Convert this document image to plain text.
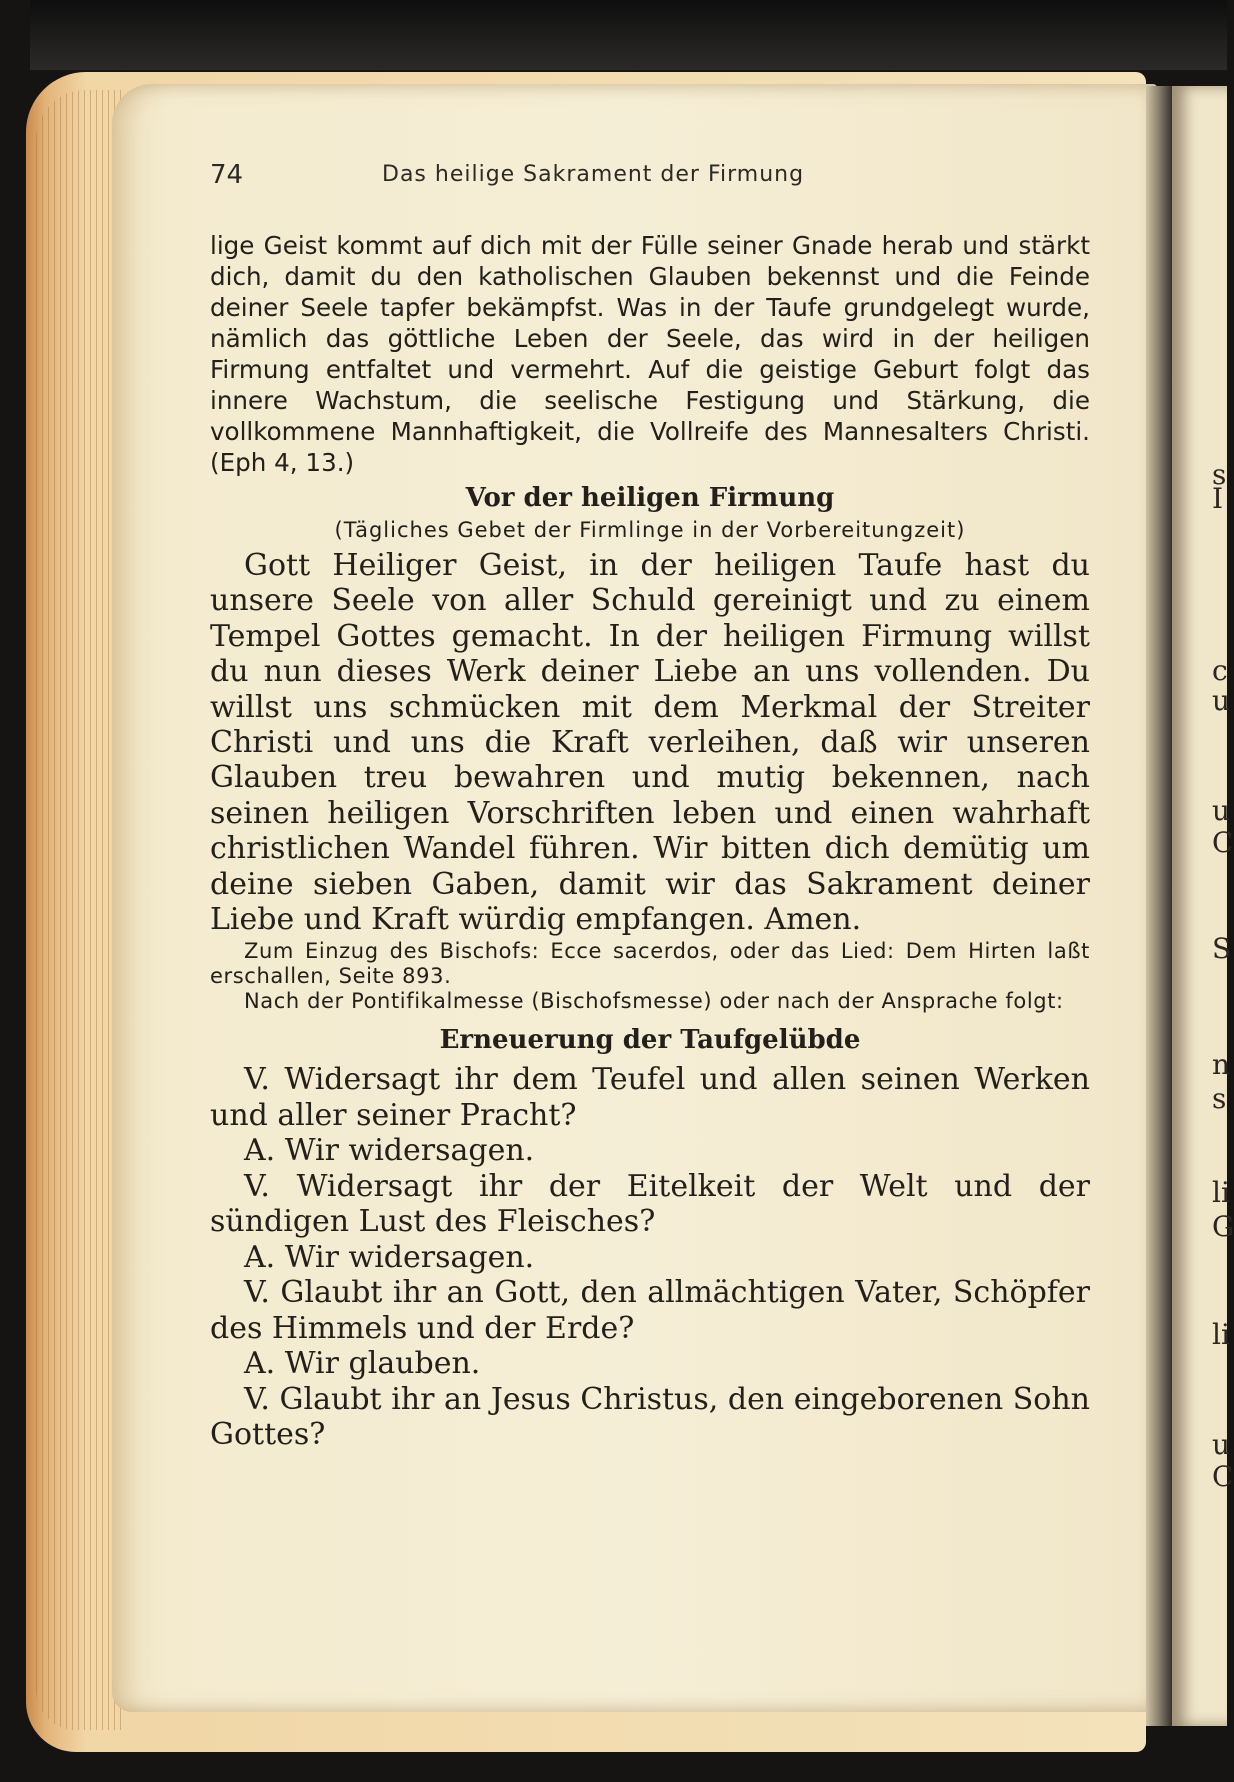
s
I
c
u
u
C
S
n
s
li
G
li
u
C
74	Das heilige Sakrament der Firmung

lige Geist kommt auf dich mit der Fülle seiner Gnade herab und stärkt dich, damit du den katholischen Glauben bekennst und die Feinde deiner Seele tapfer bekämpfst. Was in der Taufe grundgelegt wurde, nämlich das göttliche Leben der Seele, das wird in der heiligen Firmung entfaltet und vermehrt. Auf die geistige Geburt folgt das innere Wachstum, die seelische Festigung und Stärkung, die vollkommene Mannhaftigkeit, die Vollreife des Mannesalters Christi. (Eph 4, 13.)

Vor der heiligen Firmung

(Tägliches Gebet der Firmlinge in der Vorbereitungzeit)

Gott Heiliger Geist, in der heiligen Taufe hast du unsere Seele von aller Schuld gereinigt und zu einem Tempel Gottes gemacht. In der heiligen Firmung willst du nun dieses Werk deiner Liebe an uns vollenden. Du willst uns schmücken mit dem Merkmal der Streiter Christi und uns die Kraft verleihen, daß wir unseren Glauben treu bewahren und mutig bekennen, nach seinen heiligen Vorschriften leben und einen wahrhaft christlichen Wandel führen. Wir bitten dich demütig um deine sieben Gaben, damit wir das Sakrament deiner Liebe und Kraft würdig empfangen. Amen.

Zum Einzug des Bischofs: Ecce sacerdos, oder das Lied: Dem Hirten laßt erschallen, Seite 893.

Nach der Pontifikalmesse (Bischofsmesse) oder nach der Ansprache folgt:

Erneuerung der Taufgelübde

V. Widersagt ihr dem Teufel und allen seinen Werken und aller seiner Pracht?

A. Wir widersagen.

V. Widersagt ihr der Eitelkeit der Welt und der sündigen Lust des Fleisches?

A. Wir widersagen.

V. Glaubt ihr an Gott, den allmächtigen Vater, Schöpfer des Himmels und der Erde?

A. Wir glauben.

V. Glaubt ihr an Jesus Christus, den eingeborenen Sohn Gottes?
